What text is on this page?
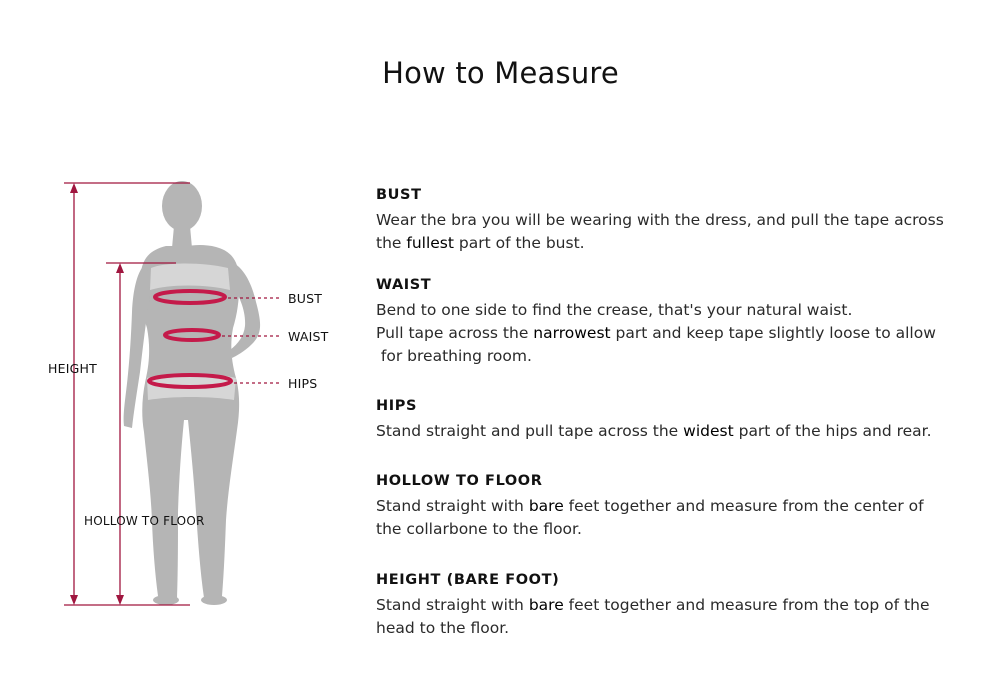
How to Measure
BUST
WAIST
HIPS
HEIGHT
HOLLOW TO FLOOR
BUST
Wear the bra you will be wearing with the dress, and pull the tape across
the fullest part of the bust.
WAIST
Bend to one side to find the crease, that's your natural waist.
Pull tape across the narrowest part and keep tape slightly loose to allow
for breathing room.
HIPS
Stand straight and pull tape across the widest part of the hips and rear.
HOLLOW TO FLOOR
Stand straight with bare feet together and measure from the center of
the collarbone to the floor.
HEIGHT (BARE FOOT)
Stand straight with bare feet together and measure from the top of the
head to the floor.
